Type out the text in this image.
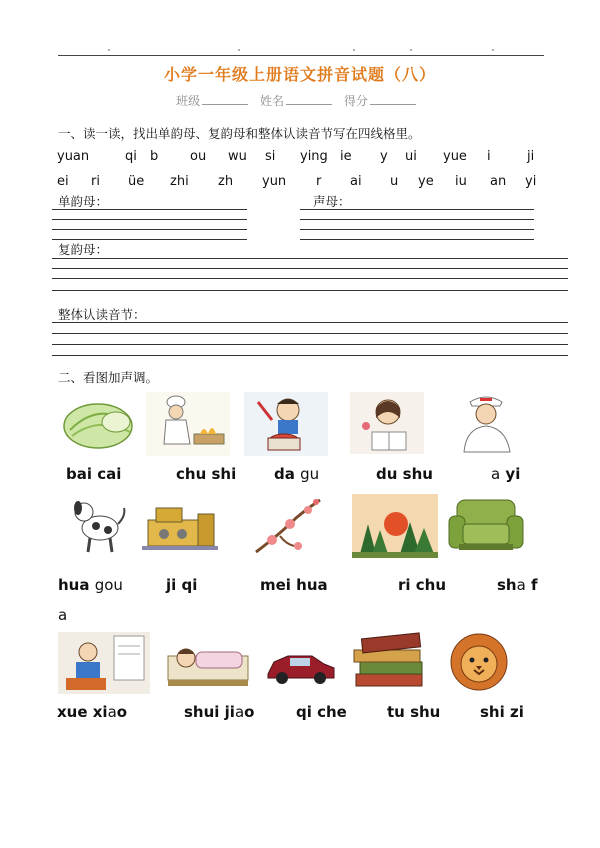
小学一年级上册语文拼音试题（八）
班级	姓名	得分
一、读一读，找出单韵母、复韵母和整体认读音节写在四线格里。
yuan	qi b ou wu si ying ie y ui yue i	ji
ei ri üe zhi zh yun r ai u ye iu an yi
单韵母：	声母：
复韵母：
整体认读音节：
二、看图加声调。
bai cai	chu shi	da gu	du shu	a yi
hua gou	ji qi	mei hua	ri chu	sha f
a
xue xiao	shui jiao	qi che	tu shu	shi zi
